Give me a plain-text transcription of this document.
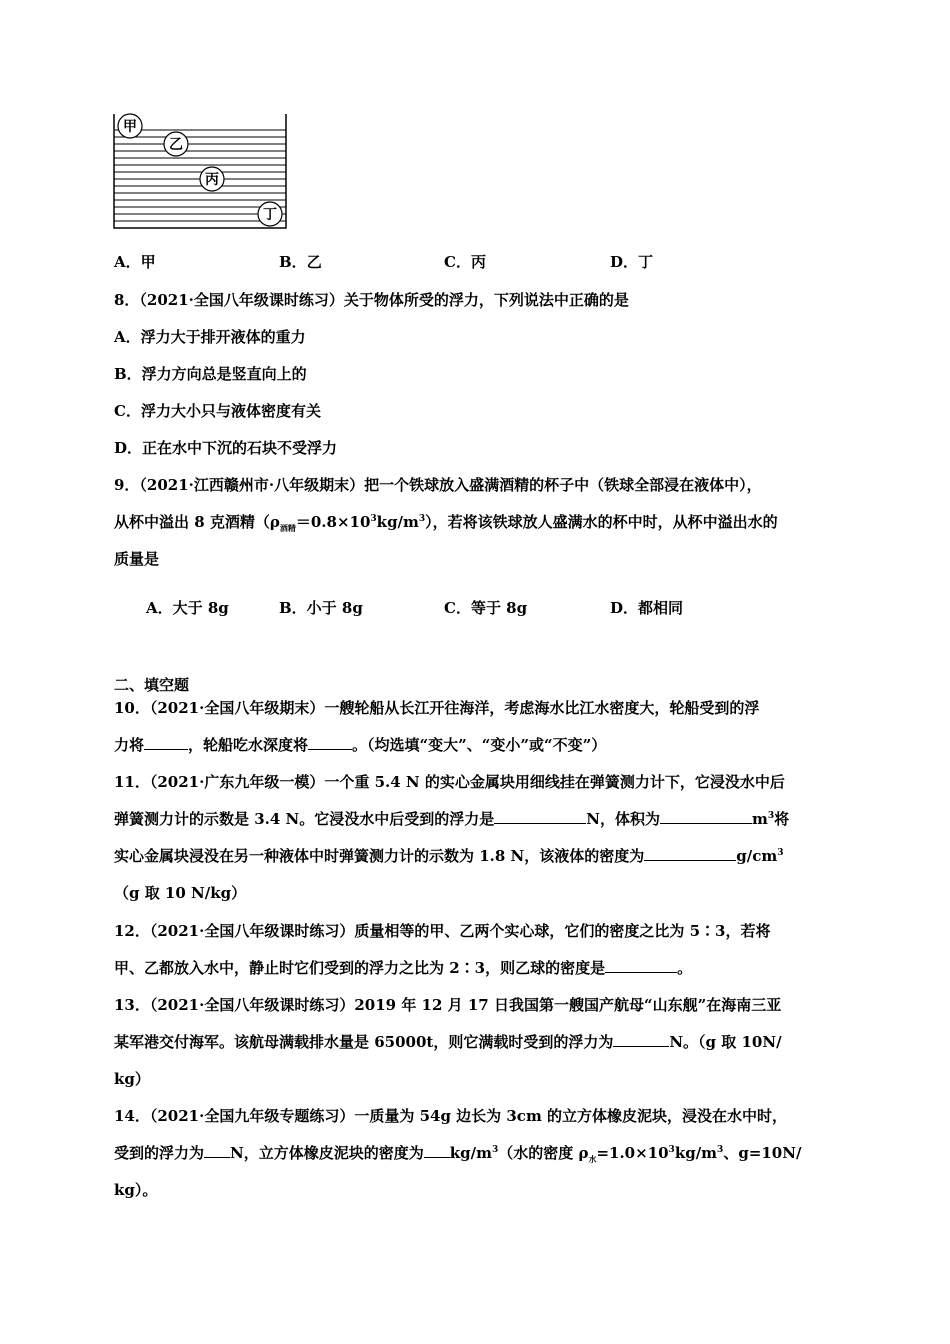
甲
乙
丙
丁
A．甲	B．乙	C．丙	D．丁
8．（2021·全国八年级课时练习）关于物体所受的浮力，下列说法中正确的是
A．浮力大于排开液体的重力
B．浮力方向总是竖直向上的
C．浮力大小只与液体密度有关
D．正在水中下沉的石块不受浮力
9．（2021·江西赣州市·八年级期末）把一个铁球放入盛满酒精的杯子中（铁球全部浸在液体中），
从杯中溢出 8 克酒精$(\rho_{酒精}=0.8\times 10^3kg/m^3)$，若将该铁球放人盛满水的杯中时，从杯中溢出水的
质量是
A．大于 8g	B．小于 8g	C．等于 8g	D．都相同
二、填空题
10．（2021·全国八年级期末）一艘轮船从长江开往海洋，考虑海水比江水密度大，轮船受到的浮
力将	，轮船吃水深度将	。（均选填“变大”、“变小”或“不变”）
11．（2021·广东九年级一模）一个重 5.4 N 的实心金属块用细线挂在弹簧测力计下，它浸没水中后
弹簧测力计的示数是 3.4 N。它浸没水中后受到的浮力是	N，体积为	$m^3$将
实心金属块浸没在另一种液体中时弹簧测力计的示数为 1.8 N，该液体的密度为	$g/cm^3$
（g 取 10 N/kg）
12．（2021·全国八年级课时练习）质量相等的甲、乙两个实心球，它们的密度之比为 5∶3，若将
甲、乙都放入水中，静止时它们受到的浮力之比为 2∶3，则乙球的密度是	。
13．（2021·全国八年级课时练习）2019 年 12 月 17 日我国第一艘国产航母“山东舰”在海南三亚
某军港交付海军。该航母满载排水量是 65000t，则它满载时受到的浮力为	N。（g 取 10N/
kg）
14．（2021·全国九年级专题练习）一质量为 54g 边长为 3cm 的立方体橡皮泥块，浸没在水中时，
受到的浮力为 N，立方体橡皮泥块的密度为 $kg/m^3$（水的密度 $\rho_水=1.0\times 10^3kg/m^3$、g=10N/
kg）。
